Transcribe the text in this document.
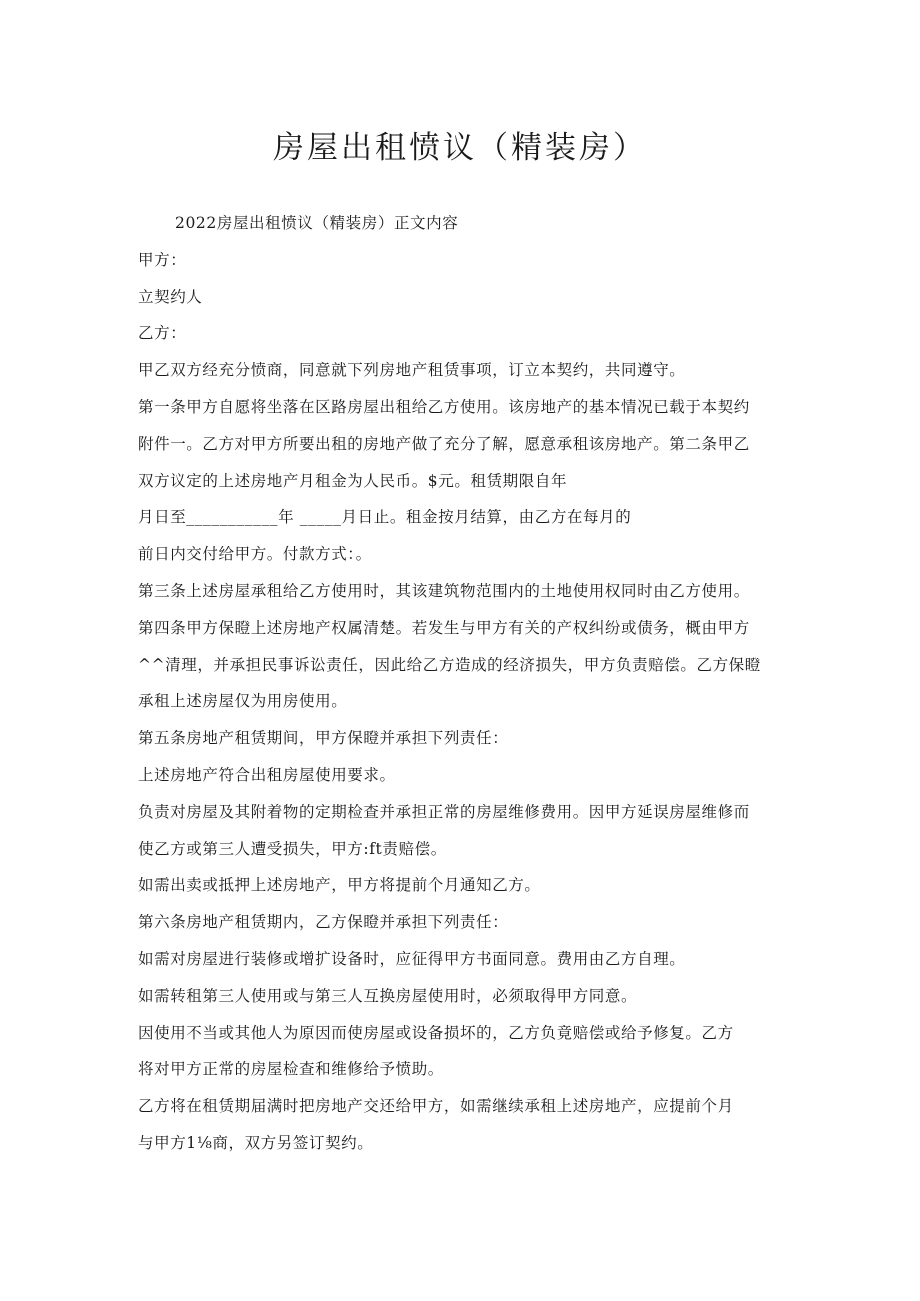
房屋出租愤议（精装房）
2022房屋出租愤议（精装房）正文内容
甲方：
立契约人
乙方：
甲乙双方经充分愤商，同意就下列房地产租赁事项，订立本契约，共同遵守。
第一条甲方自愿将坐落在区路房屋出租给乙方使用。该房地产的基本情况已载于本契约
附件一。乙方对甲方所要出租的房地产做了充分了解，愿意承租该房地产。第二条甲乙
双方议定的上述房地产月租金为人民币。$元。租赁期限自年
月日至___________年 _____月日止。租金按月结算，由乙方在每月的
前日内交付给甲方。付款方式：。
第三条上述房屋承租给乙方使用时，其该建筑物范围内的土地使用权同时由乙方使用。
第四条甲方保瞪上述房地产权属清楚。若发生与甲方有关的产权纠纷或债务，概由甲方
^^清理，并承担民事诉讼责任，因此给乙方造成的经济损失，甲方负责赔偿。乙方保瞪
承租上述房屋仅为用房使用。
第五条房地产租赁期间，甲方保瞪并承担下列责任：
上述房地产符合出租房屋使用要求。
负责对房屋及其附着物的定期检查并承担正常的房屋维修费用。因甲方延误房屋维修而
使乙方或第三人遭受损失，甲方:ft责赔偿。
如需出卖或抵押上述房地产，甲方将提前个月通知乙方。
第六条房地产租赁期内，乙方保瞪并承担下列责任：
如需对房屋进行装修或增扩设备时，应征得甲方书面同意。费用由乙方自理。
如需转租第三人使用或与第三人互换房屋使用时，必须取得甲方同意。
因使用不当或其他人为原因而使房屋或设备损坏的，乙方负竟赔偿或给予修复。乙方
将对甲方正常的房屋检查和维修给予愤助。
乙方将在租赁期届满时把房地产交还给甲方，如需继续承租上述房地产，应提前个月
与甲方1⅛商，双方另签订契约。
